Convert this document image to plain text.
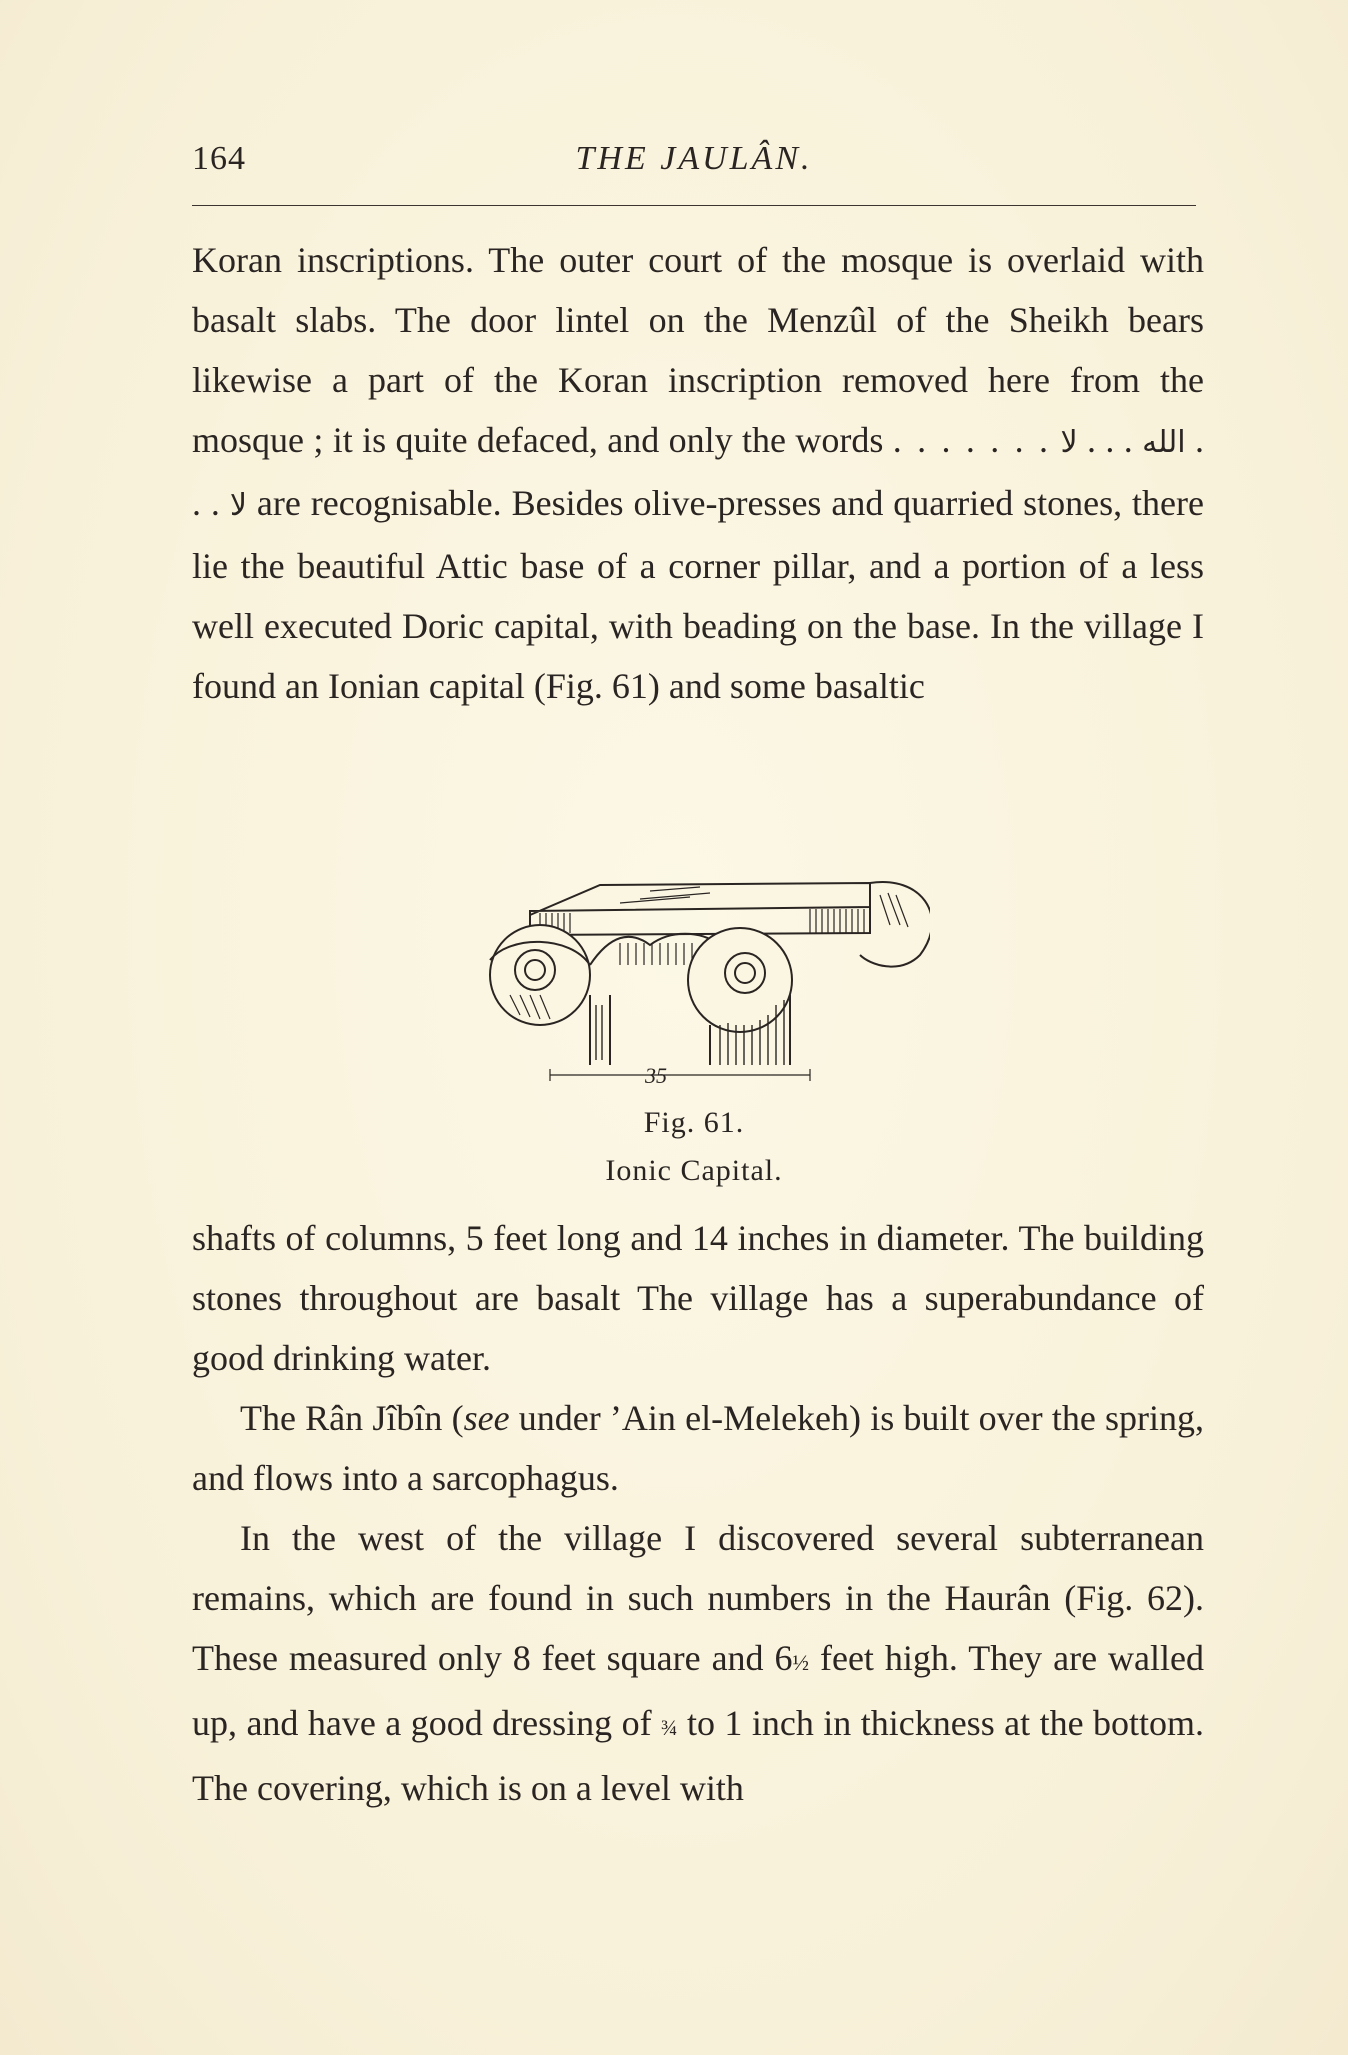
164	THE JAULÂN.

Koran inscriptions. The outer court of the mosque is overlaid with basalt slabs. The door lintel on the Menzûl of the Sheikh bears likewise a part of the Koran inscription removed here from the mosque ; it is quite defaced, and only the words . . . . . . . لا . . . الله . . . لا are recognisable. Besides olive-presses and quarried stones, there lie the beautiful Attic base of a corner pillar, and a portion of a less well executed Doric capital, with beading on the base. In the village I found an Ionian capital (Fig. 61) and some basaltic

35
Fig. 61.
Ionic Capital.

shafts of columns, 5 feet long and 14 inches in diameter. The building stones throughout are basalt The village has a superabundance of good drinking water.

The Rân Jîbîn (see under ’Ain el-Melekeh) is built over the spring, and flows into a sarcophagus.

In the west of the village I discovered several subterranean remains, which are found in such numbers in the Haurân (Fig. 62). These measured only 8 feet square and 6½ feet high. They are walled up, and have a good dressing of ¾ to 1 inch in thickness at the bottom. The covering, which is on a level with
